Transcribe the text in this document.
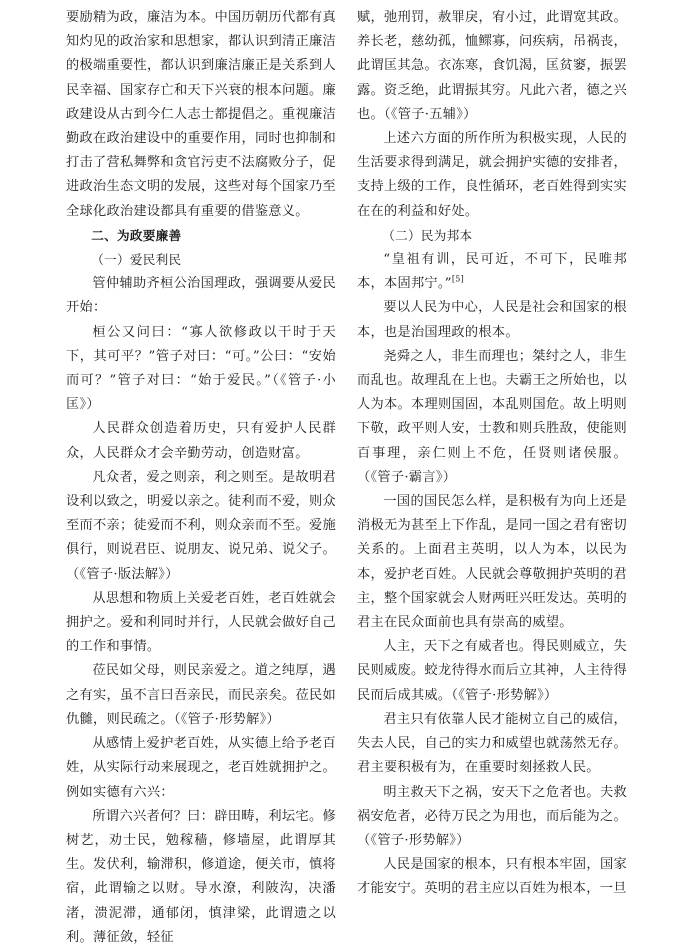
要励精为政，廉洁为本。中国历朝历代都有真知灼见的政治家和思想家，都认识到清正廉洁的极端重要性，都认识到廉洁廉正是关系到人民幸福、国家存亡和天下兴衰的根本问题。廉政建设从古到今仁人志士都提倡之。重视廉洁勤政在政治建设中的重要作用，同时也抑制和打击了营私舞弊和贪官污吏不法腐败分子，促进政治生态文明的发展，这些对每个国家乃至全球化政治建设都具有重要的借鉴意义。

二、为政要廉善

（一）爱民利民

管仲辅助齐桓公治国理政，强调要从爱民开始：

桓公又问曰：“寡人欲修政以干时于天下，其可平？”管子对曰：“可。”公曰：“安始而可？”管子对曰：“始于爱民。”（《管子·小匡》）

人民群众创造着历史，只有爱护人民群众，人民群众才会辛勤劳动，创造财富。

凡众者，爱之则亲，利之则至。是故明君设利以致之，明爱以亲之。徒利而不爱，则众至而不亲；徒爱而不利，则众亲而不至。爱施俱行，则说君臣、说朋友、说兄弟、说父子。（《管子·版法解》）

从思想和物质上关爱老百姓，老百姓就会拥护之。爱和利同时并行，人民就会做好自己的工作和事情。

莅民如父母，则民亲爱之。道之纯厚，遇之有实，虽不言曰吾亲民，而民亲矣。莅民如仇雠，则民疏之。（《管子·形势解》）

从感情上爱护老百姓，从实德上给予老百姓，从实际行动来展现之，老百姓就拥护之。例如实德有六兴：

所谓六兴者何？曰：辟田畴，利坛宅。修树艺，劝士民，勉稼穑，修墙屋，此谓厚其生。发伏利，输滞积，修道途，便关市，慎将宿，此谓输之以财。导水潦，利陂沟，决潘渚，溃泥滞，通郁闭，慎津梁，此谓遗之以利。薄征敛，轻征

赋，弛刑罚，赦罪戾，宥小过，此谓宽其政。养长老，慈幼孤，恤鳏寡，问疾病，吊祸丧，此谓匡其急。衣冻寒，食饥渴，匡贫窭，振罢露。资乏绝，此谓振其穷。凡此六者，德之兴也。（《管子·五辅》）

上述六方面的所作所为积极实现，人民的生活要求得到满足，就会拥护实德的安排者，支持上级的工作，良性循环，老百姓得到实实在在的利益和好处。

（二）民为邦本

“皇祖有训，民可近，不可下，民唯邦本，本固邦宁。”[5]

要以人民为中心，人民是社会和国家的根本，也是治国理政的根本。

尧舜之人，非生而理也；桀纣之人，非生而乱也。故理乱在上也。夫霸王之所始也，以人为本。本理则国固，本乱则国危。故上明则下敬，政平则人安，士教和则兵胜敌，使能则百事理，亲仁则上不危，任贤则诸侯服。（《管子·霸言》）

一国的国民怎么样，是积极有为向上还是消极无为甚至上下作乱，是同一国之君有密切关系的。上面君主英明，以人为本，以民为本，爱护老百姓。人民就会尊敬拥护英明的君主，整个国家就会人财两旺兴旺发达。英明的君主在民众面前也具有崇高的威望。

人主，天下之有威者也。得民则威立，失民则威废。蛟龙待得水而后立其神，人主待得民而后成其威。（《管子·形势解》）

君主只有依靠人民才能树立自己的威信，失去人民，自己的实力和威望也就荡然无存。君主要积极有为，在重要时刻拯救人民。

明主救天下之祸，安天下之危者也。夫救祸安危者，必待万民之为用也，而后能为之。（《管子·形势解》）

人民是国家的根本，只有根本牢固，国家才能安宁。英明的君主应以百姓为根本，一旦
